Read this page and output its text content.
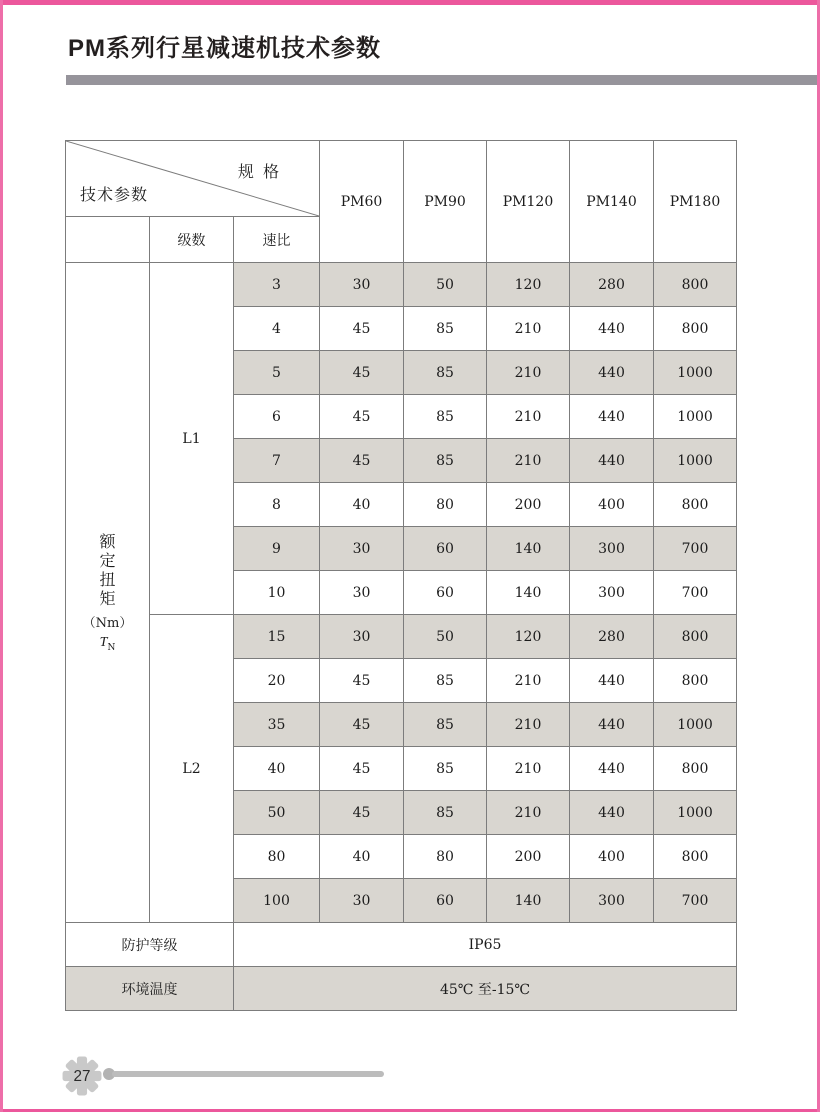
PM系列行星减速机技术参数
规 格
技术参数			PM60	PM90	PM120	PM140	PM180
	级数	速比					

额
定
扭
矩
（Nm）
$T_N$
	L1	3	30	50	120	280	800
		4	45	85	210	440	800
		5	45	85	210	440	1000
		6	45	85	210	440	1000
		7	45	85	210	440	1000
		8	40	80	200	400	800
		9	30	60	140	300	700
		10	30	60	140	300	700
	L2	15	30	50	120	280	800
		20	45	85	210	440	800
		35	45	85	210	440	1000
		40	45	85	210	440	800
		50	45	85	210	440	1000
		80	40	80	200	400	800
		100	30	60	140	300	700
防护等级		IP65					
环境温度		45℃ 至-15℃					
27
